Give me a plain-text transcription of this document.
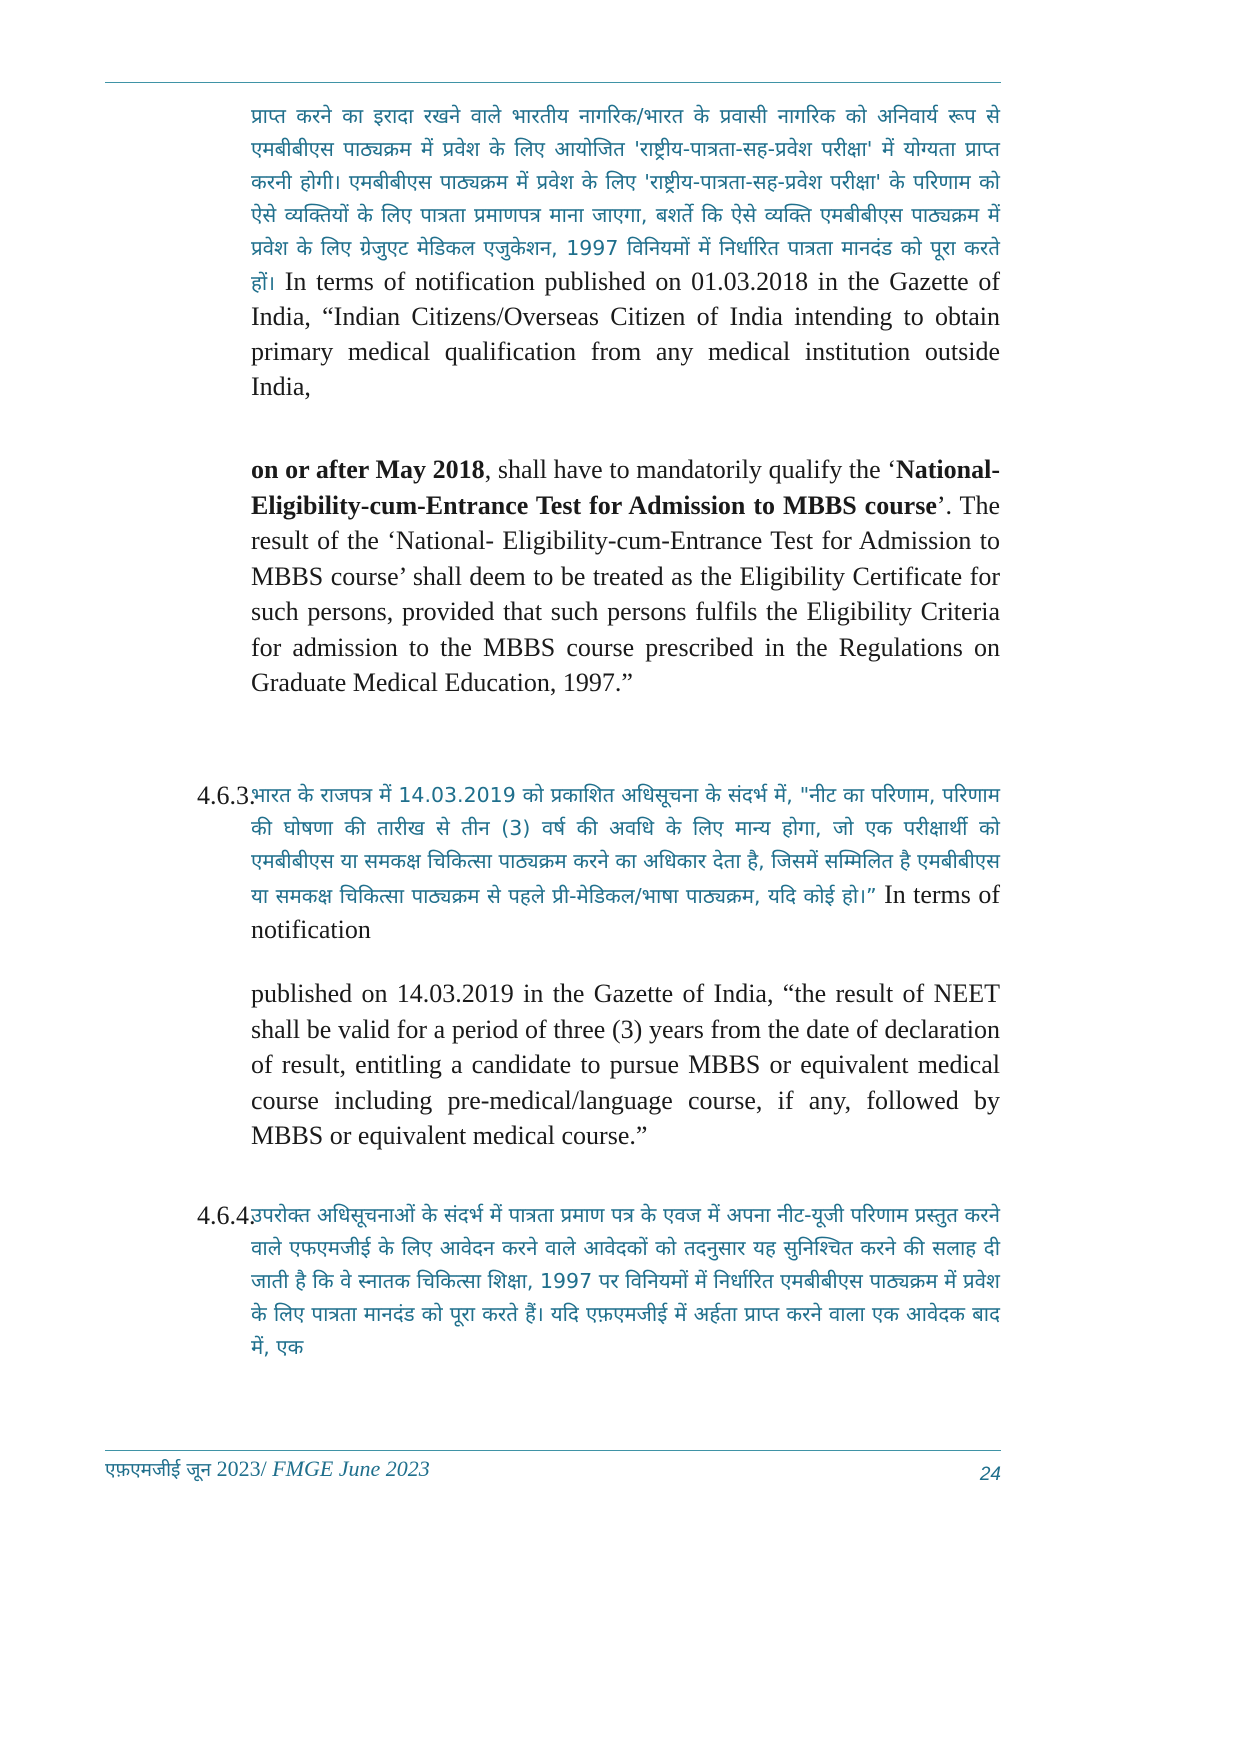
प्राप्त करने का इरादा रखने वाले भारतीय नागरिक/भारत के प्रवासी नागरिक को अनिवार्य रूप से एमबीबीएस पाठ्यक्रम में प्रवेश के लिए आयोजित 'राष्ट्रीय-पात्रता-सह-प्रवेश परीक्षा' में योग्यता प्राप्त करनी होगी। एमबीबीएस पाठ्यक्रम में प्रवेश के लिए 'राष्ट्रीय-पात्रता-सह-प्रवेश परीक्षा' के परिणाम को ऐसे व्यक्तियों के लिए पात्रता प्रमाणपत्र माना जाएगा, बशर्ते कि ऐसे व्यक्ति एमबीबीएस पाठ्यक्रम में प्रवेश के लिए ग्रेजुएट मेडिकल एजुकेशन, 1997 विनियमों में निर्धारित पात्रता मानदंड को पूरा करते हों। In terms of notification published on 01.03.2018 in the Gazette of India, “Indian Citizens/Overseas Citizen of India intending to obtain primary medical qualification from any medical institution outside India,
on or after May 2018, shall have to mandatorily qualify the ‘National-Eligibility-cum-Entrance Test for Admission to MBBS course’. The result of the ‘National- Eligibility-cum-Entrance Test for Admission to MBBS course’ shall deem to be treated as the Eligibility Certificate for such persons, provided that such persons fulfils the Eligibility Criteria for admission to the MBBS course prescribed in the Regulations on Graduate Medical Education, 1997.”
4.6.3.
भारत के राजपत्र में 14.03.2019 को प्रकाशित अधिसूचना के संदर्भ में, "नीट का परिणाम, परिणाम की घोषणा की तारीख से तीन (3) वर्ष की अवधि के लिए मान्य होगा, जो एक परीक्षार्थी को एमबीबीएस या समकक्ष चिकित्सा पाठ्यक्रम करने का अधिकार देता है, जिसमें सम्मिलित है एमबीबीएस या समकक्ष चिकित्सा पाठ्यक्रम से पहले प्री-मेडिकल/भाषा पाठ्यक्रम, यदि कोई हो।” In terms of notification
published on 14.03.2019 in the Gazette of India, “the result of NEET shall be valid for a period of three (3) years from the date of declaration of result, entitling a candidate to pursue MBBS or equivalent medical course including pre-medical/language course, if any, followed by MBBS or equivalent medical course.”
4.6.4.
उपरोक्त अधिसूचनाओं के संदर्भ में पात्रता प्रमाण पत्र के एवज में अपना नीट-यूजी परिणाम प्रस्तुत करने वाले एफएमजीई के लिए आवेदन करने वाले आवेदकों को तदनुसार यह सुनिश्चित करने की सलाह दी जाती है कि वे स्नातक चिकित्सा शिक्षा, 1997 पर विनियमों में निर्धारित एमबीबीएस पाठ्यक्रम में प्रवेश के लिए पात्रता मानदंड को पूरा करते हैं। यदि एफ़एमजीई में अर्हता प्राप्त करने वाला एक आवेदक बाद में, एक
एफ़एमजीई जून 2023/ FMGE June 2023	24
